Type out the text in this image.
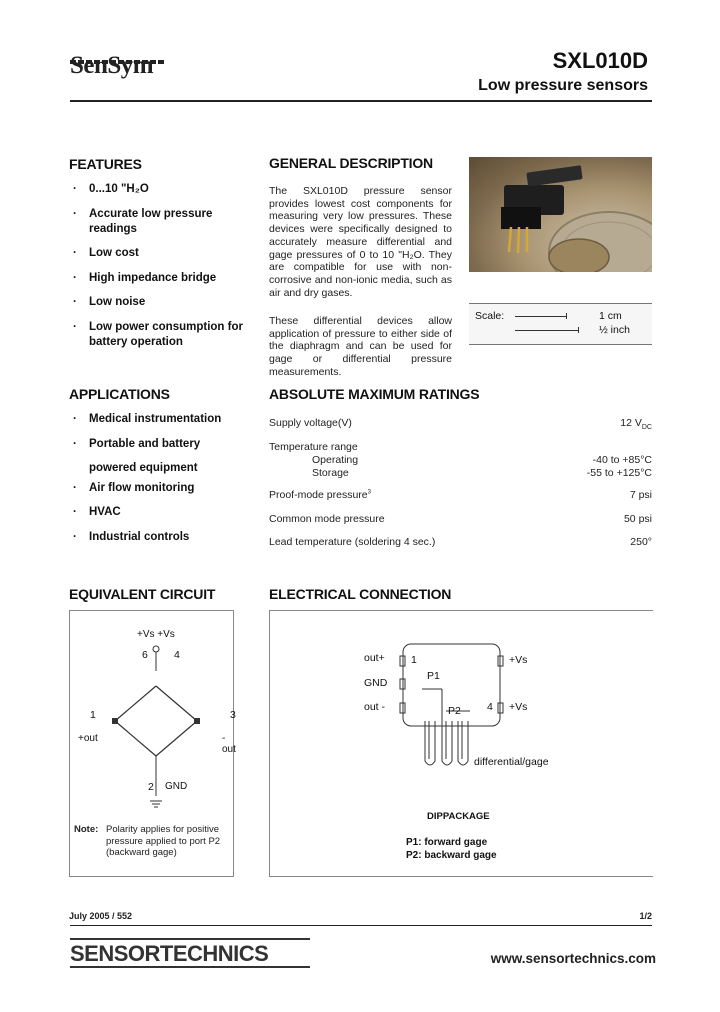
SenSym	SXL010D
Low pressure sensors
FEATURES
· 0...10 "H₂O
· Accurate low pressure readings
· Low cost
· High impedance bridge
· Low noise
· Low power consumption for battery operation
GENERAL DESCRIPTION
The SXL010D pressure sensor provides lowest cost components for measuring very low pressures. These devices were specifically designed to accurately measure differential and gage pressures of 0 to 10 "H₂O. They are compatible for use with non-corrosive and non-ionic media, such as air and dry gases.
These differential devices allow application of pressure to either side of the diaphragm and can be used for gage or differential pressure measurements.
Scale:	1 cm
½ inch
APPLICATIONS
· Medical instrumentation
· Portable and battery powered equipment
· Air flow monitoring
· HVAC
· Industrial controls
ABSOLUTE MAXIMUM RATINGS
Supply voltage(V)	12 $V_{DC}$
Temperature range
Operating	-40 to +85°C
Storage	-55 to +125°C
Proof-mode pressure$^3$	7 psi
Common mode pressure	50 psi
Lead temperature (soldering 4 sec.)	250°
EQUIVALENT CIRCUIT
+Vs +Vs
6 4
1
+out
3
-out
2 GND
Note: Polarity applies for positive pressure applied to port P2 (backward gage)
ELECTRICAL CONNECTION
out+
GND
out -
1
4
+Vs
+Vs
P1
P2
differential/gage
DIPPACKAGE
P1: forward gage
P2: backward gage
July 2005 / 552	1/2
SENSORTECHNICS	www.sensortechnics.com
